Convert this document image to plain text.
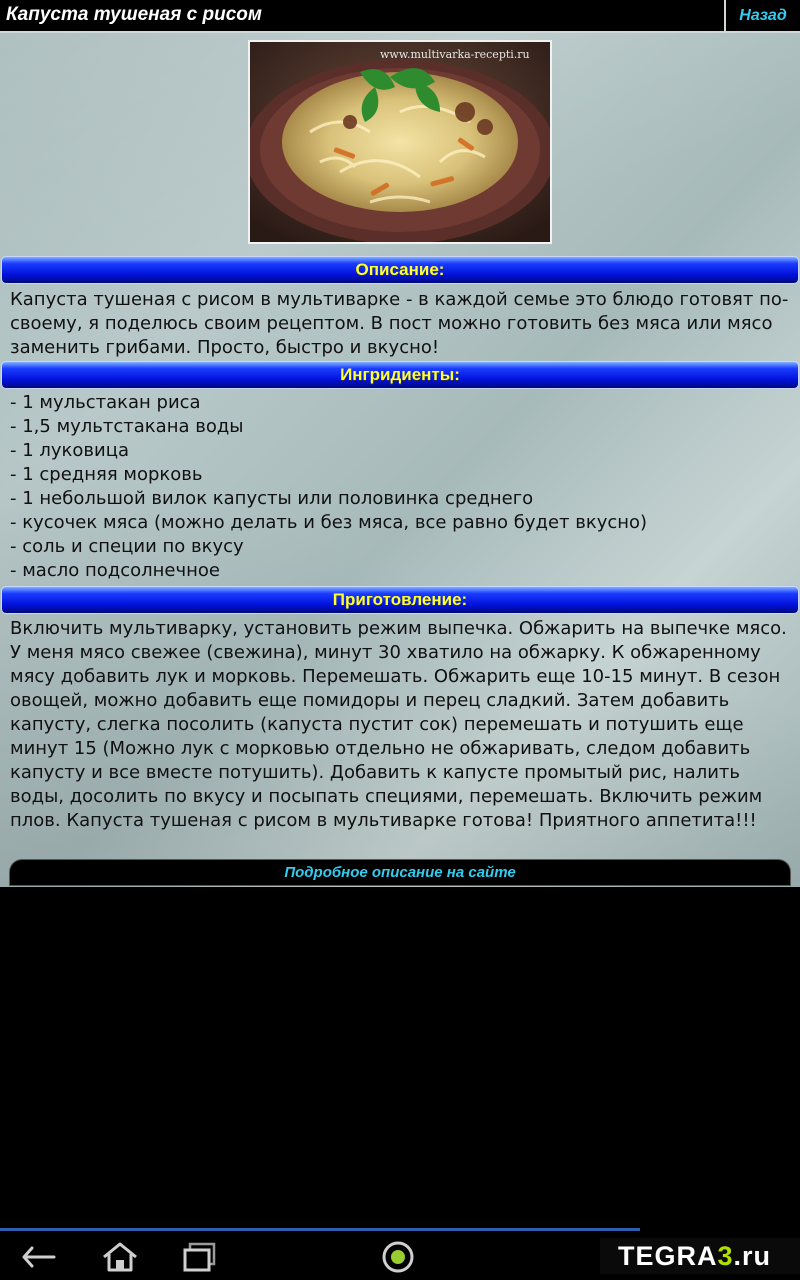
Капуста тушеная с рисом	Назад
www.multivarka-recepti.ru
Описание:
Капуста тушеная с рисом в мультиварке - в каждой семье это блюдо готовят по-своему, я поделюсь своим рецептом. В пост можно готовить без мяса или мясо заменить грибами. Просто, быстро и вкусно!
Ингридиенты:
- 1 мульстакан риса
- 1,5 мультстакана воды
- 1 луковица
- 1 средняя морковь
- 1 небольшой вилок капусты или половинка среднего
- кусочек мяса (можно делать и без мяса, все равно будет вкусно)
- соль и специи по вкусу
- масло подсолнечное
Приготовление:
Включить мультиварку, установить режим выпечка. Обжарить на выпечке мясо. У меня мясо свежее (свежина), минут 30 хватило на обжарку. К обжаренному мясу добавить лук и морковь. Перемешать. Обжарить еще 10-15 минут. В сезон овощей, можно добавить еще помидоры и перец сладкий. Затем добавить капусту, слегка посолить (капуста пустит сок) перемешать и потушить еще минут 15 (Можно лук с морковью отдельно не обжаривать, следом добавить капусту и все вместе потушить). Добавить к капусте промытый рис, налить воды, досолить по вкусу и посыпать специями, перемешать. Включить режим плов. Капуста тушеная с рисом в мультиварке готова! Приятного аппетита!!!
Подробное описание на сайте
TEGRA 3 .ru
